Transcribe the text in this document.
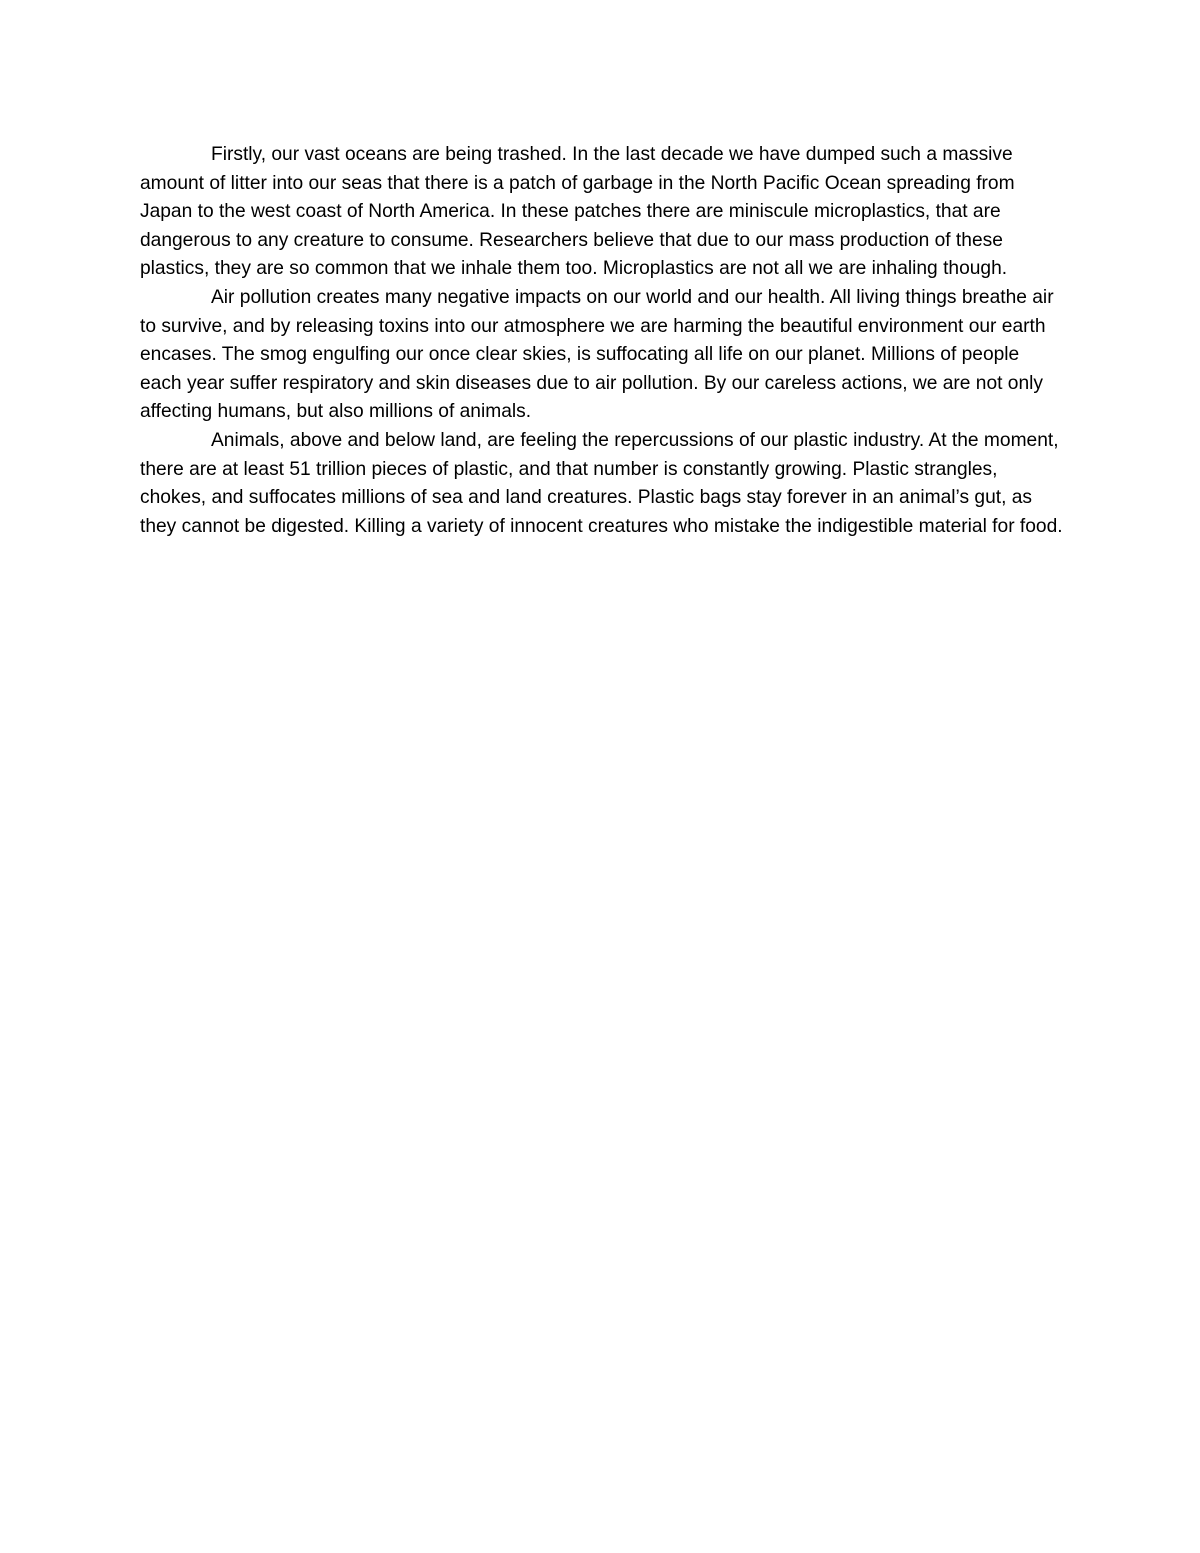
Firstly, our vast oceans are being trashed. In the last decade we have dumped such a massive amount of litter into our seas that there is a patch of garbage in the North Pacific Ocean spreading from Japan to the west coast of North America. In these patches there are miniscule microplastics, that are dangerous to any creature to consume. Researchers believe that due to our mass production of these plastics, they are so common that we inhale them too. Microplastics are not all we are inhaling though.

Air pollution creates many negative impacts on our world and our health. All living things breathe air to survive, and by releasing toxins into our atmosphere we are harming the beautiful environment our earth encases. The smog engulfing our once clear skies, is suffocating all life on our planet. Millions of people each year suffer respiratory and skin diseases due to air pollution. By our careless actions, we are not only affecting humans, but also millions of animals.

Animals, above and below land, are feeling the repercussions of our plastic industry. At the moment, there are at least 51 trillion pieces of plastic, and that number is constantly growing. Plastic strangles, chokes, and suffocates millions of sea and land creatures. Plastic bags stay forever in an animal’s gut, as they cannot be digested. Killing a variety of innocent creatures who mistake the indigestible material for food.
